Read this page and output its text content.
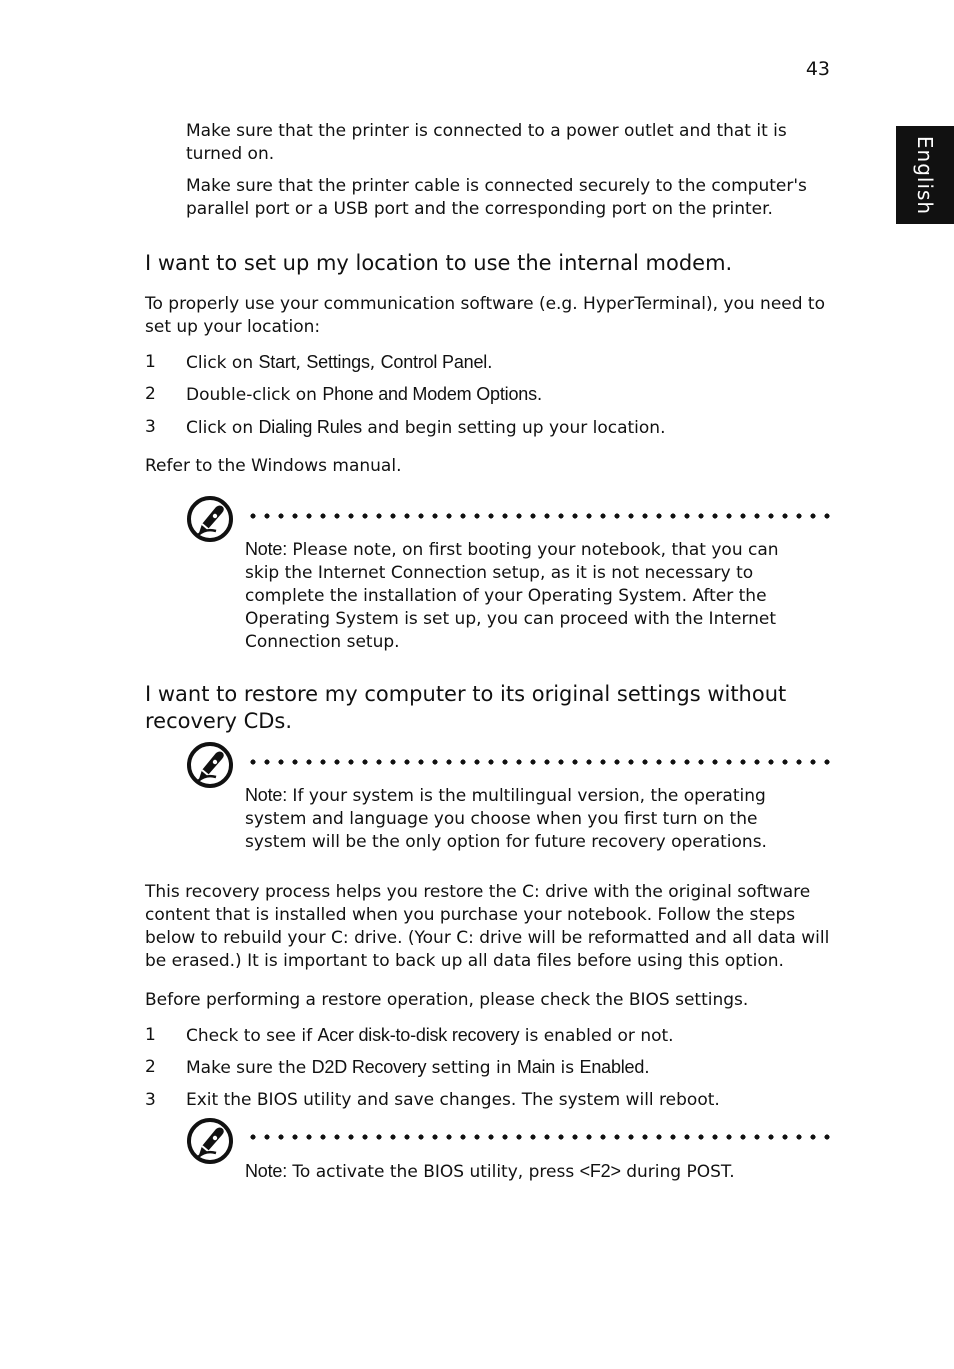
43
English

Make sure that the printer is connected to a power outlet and that it is turned on.

Make sure that the printer cable is connected securely to the computer's parallel port or a USB port and the corresponding port on the printer.

I want to set up my location to use the internal modem.

To properly use your communication software (e.g. HyperTerminal), you need to set up your location:

1 Click on Start, Settings, Control Panel.
2 Double-click on Phone and Modem Options.
3 Click on Dialing Rules and begin setting up your location.

Refer to the Windows manual.

Note: Please note, on first booting your notebook, that you can skip the Internet Connection setup, as it is not necessary to complete the installation of your Operating System. After the Operating System is set up, you can proceed with the Internet Connection setup.

I want to restore my computer to its original settings without recovery CDs.

Note: If your system is the multilingual version, the operating system and language you choose when you first turn on the system will be the only option for future recovery operations.

This recovery process helps you restore the C: drive with the original software content that is installed when you purchase your notebook. Follow the steps below to rebuild your C: drive. (Your C: drive will be reformatted and all data will be erased.) It is important to back up all data files before using this option.

Before performing a restore operation, please check the BIOS settings.

1 Check to see if Acer disk-to-disk recovery is enabled or not.
2 Make sure the D2D Recovery setting in Main is Enabled.
3 Exit the BIOS utility and save changes. The system will reboot.

Note: To activate the BIOS utility, press <F2> during POST.
